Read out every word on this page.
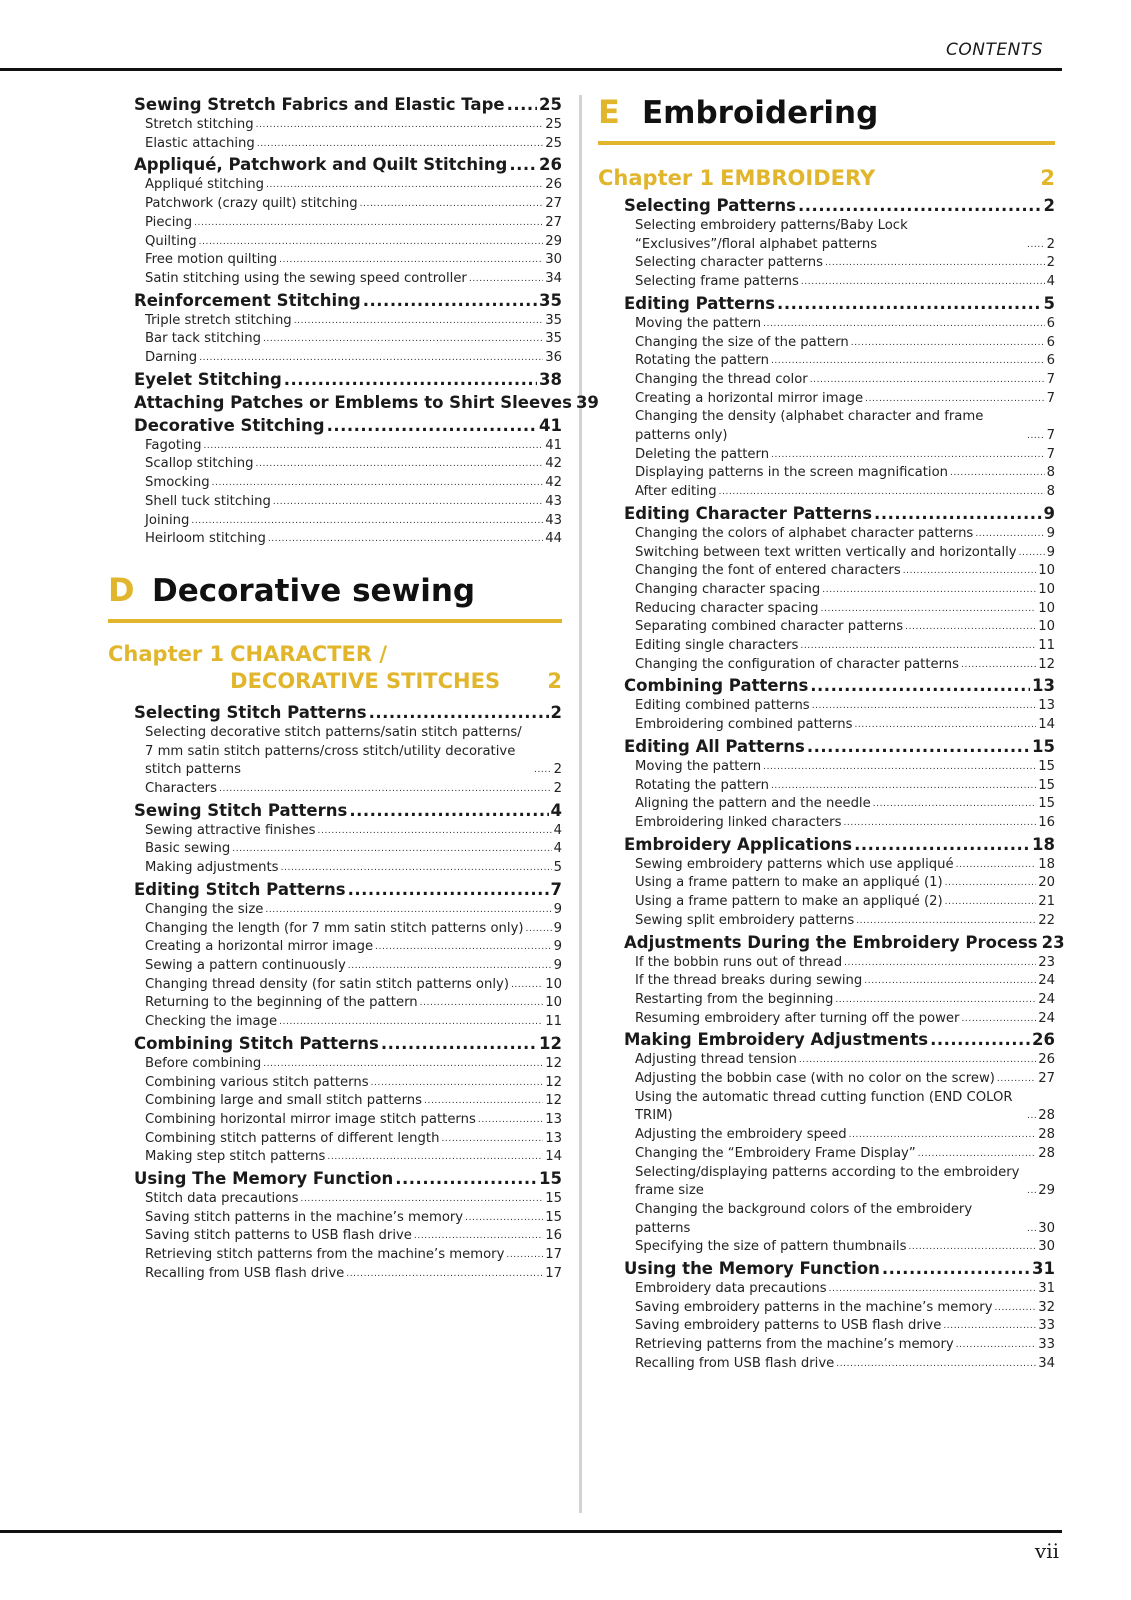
CONTENTS
Sewing Stretch Fabrics and Elastic Tape ..... 25
Stretch stitching .....	25
Elastic attaching .....	25
Appliqué, Patchwork and Quilt Stitching ..... 26
Appliqué stitching .....	26
Patchwork (crazy quilt) stitching .....	27
Piecing .....	27
Quilting .....	29
Free motion quilting .....	30
Satin stitching using the sewing speed controller .....	34
Reinforcement Stitching .....	35
Triple stretch stitching .....	35
Bar tack stitching .....	35
Darning .....	36
Eyelet Stitching .....	38
Attaching Patches or Emblems to Shirt Sleeves 39
Decorative Stitching .....	41
Fagoting .....	41
Scallop stitching .....	42
Smocking .....	42
Shell tuck stitching .....	43
Joining .....	43
Heirloom stitching .....	44
D Decorative sewing
Chapter 1 CHARACTER / DECORATIVE STITCHES	2
Selecting Stitch Patterns .....	2
Selecting decorative stitch patterns/satin stitch patterns/ 7 mm satin stitch patterns/cross stitch/utility decorative stitch patterns .....	2
Characters .....	2
Sewing Stitch Patterns .....	4
Sewing attractive finishes .....	4
Basic sewing .....	4
Making adjustments .....	5
Editing Stitch Patterns .....	7
Changing the size .....	9
Changing the length (for 7 mm satin stitch patterns only) ..... 9
Creating a horizontal mirror image .....	9
Sewing a pattern continuously .....	9
Changing thread density (for satin stitch patterns only) .....	10
Returning to the beginning of the pattern .....	10
Checking the image .....	11
Combining Stitch Patterns .....	12
Before combining .....	12
Combining various stitch patterns .....	12
Combining large and small stitch patterns .....	12
Combining horizontal mirror image stitch patterns .....	13
Combining stitch patterns of different length .....	13
Making step stitch patterns .....	14
Using The Memory Function .....	15
Stitch data precautions .....	15
Saving stitch patterns in the machine’s memory .....	15
Saving stitch patterns to USB flash drive .....	16
Retrieving stitch patterns from the machine’s memory .....	17
Recalling from USB flash drive .....	17
E Embroidering
Chapter 1 EMBROIDERY	2
Selecting Patterns .....	2
Selecting embroidery patterns/Baby Lock “Exclusives”/floral alphabet patterns .....	2
Selecting character patterns .....	2
Selecting frame patterns .....	4
Editing Patterns .....	5
Moving the pattern .....	6
Changing the size of the pattern .....	6
Rotating the pattern .....	6
Changing the thread color .....	7
Creating a horizontal mirror image .....	7
Changing the density (alphabet character and frame patterns only) .....	7
Deleting the pattern .....	7
Displaying patterns in the screen magnification .....	8
After editing .....	8
Editing Character Patterns .....	9
Changing the colors of alphabet character patterns .....	9
Switching between text written vertically and horizontally ..... 9
Changing the font of entered characters .....	10
Changing character spacing .....	10
Reducing character spacing .....	10
Separating combined character patterns .....	10
Editing single characters .....	11
Changing the configuration of character patterns .....	12
Combining Patterns .....	13
Editing combined patterns .....	13
Embroidering combined patterns .....	14
Editing All Patterns .....	15
Moving the pattern .....	15
Rotating the pattern .....	15
Aligning the pattern and the needle .....	15
Embroidering linked characters .....	16
Embroidery Applications .....	18
Sewing embroidery patterns which use appliqué .....	18
Using a frame pattern to make an appliqué (1) .....	20
Using a frame pattern to make an appliqué (2) .....	21
Sewing split embroidery patterns .....	22
Adjustments During the Embroidery Process 23
If the bobbin runs out of thread .....	23
If the thread breaks during sewing .....	24
Restarting from the beginning .....	24
Resuming embroidery after turning off the power .....	24
Making Embroidery Adjustments .....	26
Adjusting thread tension .....	26
Adjusting the bobbin case (with no color on the screw) .....	27
Using the automatic thread cutting function (END COLOR TRIM) .....	28
Adjusting the embroidery speed .....	28
Changing the “Embroidery Frame Display” .....	28
Selecting/displaying patterns according to the embroidery frame size .....	29
Changing the background colors of the embroidery patterns .....	30
Specifying the size of pattern thumbnails .....	30
Using the Memory Function .....	31
Embroidery data precautions .....	31
Saving embroidery patterns in the machine’s memory .....	32
Saving embroidery patterns to USB flash drive .....	33
Retrieving patterns from the machine’s memory .....	33
Recalling from USB flash drive .....	34
vii
